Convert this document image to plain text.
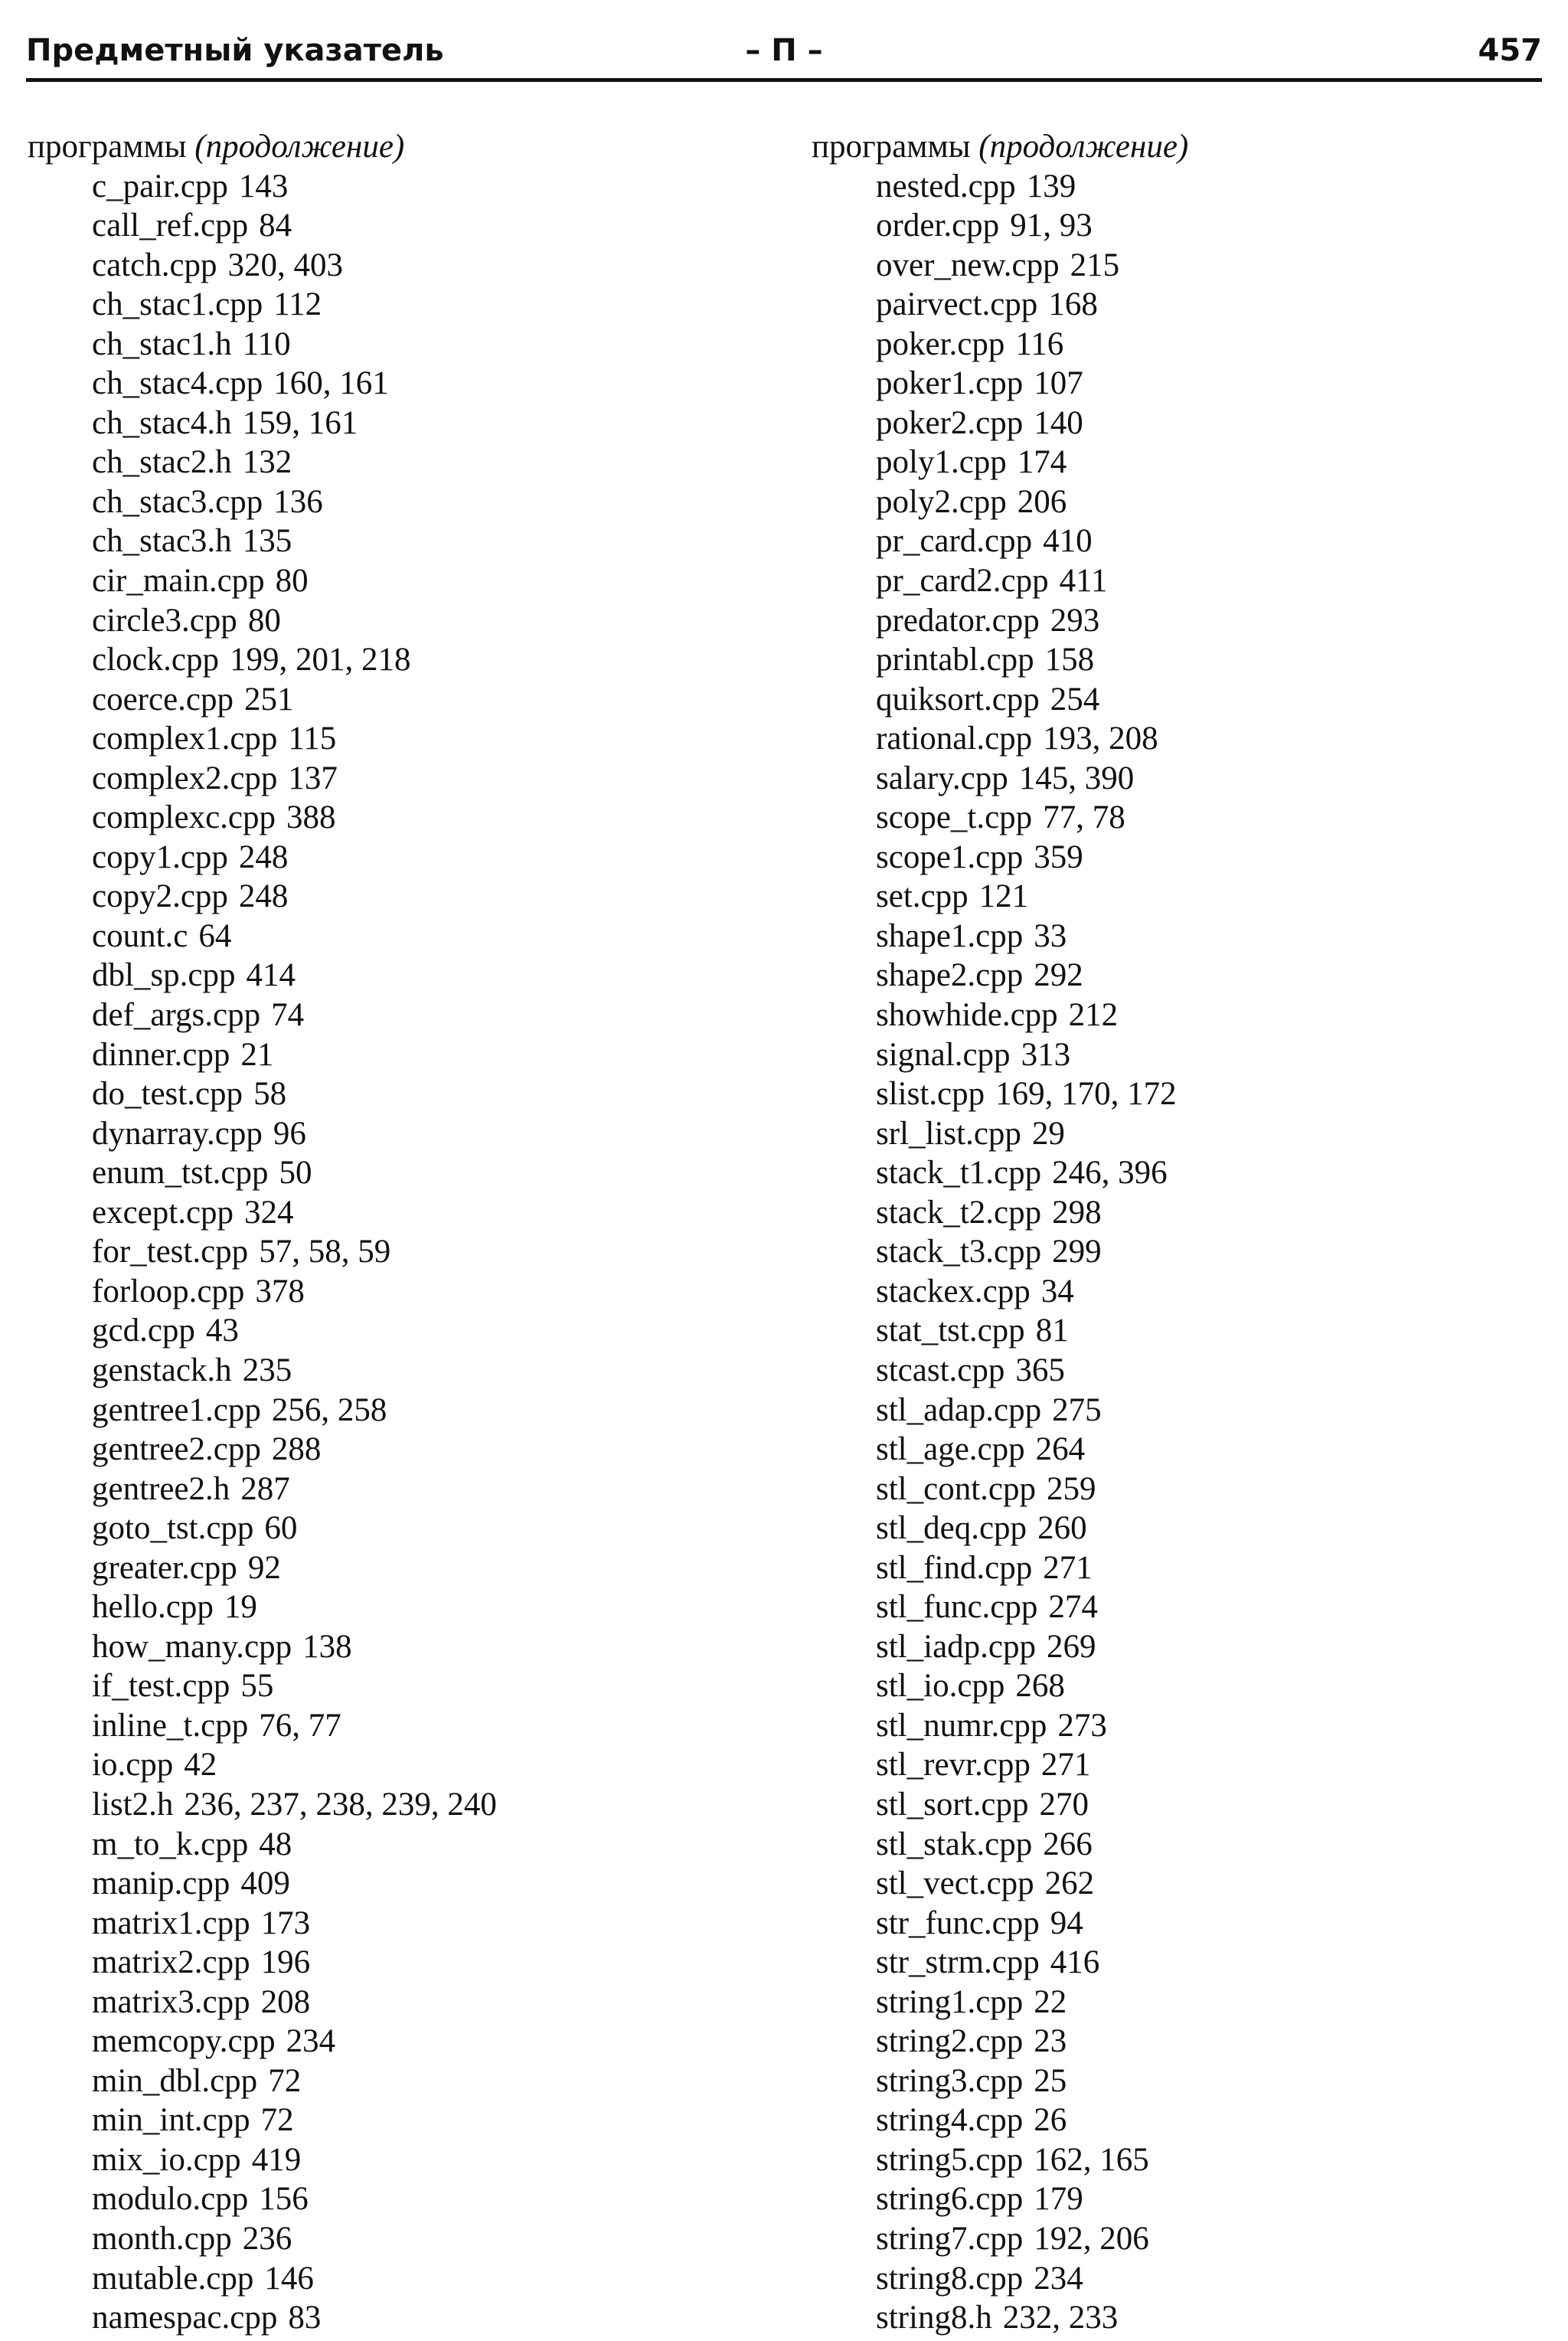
Предметный указатель	– П –	457
программы (продолжение)
c_pair.cpp 143
call_ref.cpp 84
catch.cpp 320, 403
ch_stac1.cpp 112
ch_stac1.h 110
ch_stac4.cpp 160, 161
ch_stac4.h 159, 161
ch_stac2.h 132
ch_stac3.cpp 136
ch_stac3.h 135
cir_main.cpp 80
circle3.cpp 80
clock.cpp 199, 201, 218
coerce.cpp 251
complex1.cpp 115
complex2.cpp 137
complexc.cpp 388
copy1.cpp 248
copy2.cpp 248
count.c 64
dbl_sp.cpp 414
def_args.cpp 74
dinner.cpp 21
do_test.cpp 58
dynarray.cpp 96
enum_tst.cpp 50
except.cpp 324
for_test.cpp 57, 58, 59
forloop.cpp 378
gcd.cpp 43
genstack.h 235
gentree1.cpp 256, 258
gentree2.cpp 288
gentree2.h 287
goto_tst.cpp 60
greater.cpp 92
hello.cpp 19
how_many.cpp 138
if_test.cpp 55
inline_t.cpp 76, 77
io.cpp 42
list2.h 236, 237, 238, 239, 240
m_to_k.cpp 48
manip.cpp 409
matrix1.cpp 173
matrix2.cpp 196
matrix3.cpp 208
memcopy.cpp 234
min_dbl.cpp 72
min_int.cpp 72
mix_io.cpp 419
modulo.cpp 156
month.cpp 236
mutable.cpp 146
namespac.cpp 83
программы (продолжение)
nested.cpp 139
order.cpp 91, 93
over_new.cpp 215
pairvect.cpp 168
poker.cpp 116
poker1.cpp 107
poker2.cpp 140
poly1.cpp 174
poly2.cpp 206
pr_card.cpp 410
pr_card2.cpp 411
predator.cpp 293
printabl.cpp 158
quiksort.cpp 254
rational.cpp 193, 208
salary.cpp 145, 390
scope_t.cpp 77, 78
scope1.cpp 359
set.cpp 121
shape1.cpp 33
shape2.cpp 292
showhide.cpp 212
signal.cpp 313
slist.cpp 169, 170, 172
srl_list.cpp 29
stack_t1.cpp 246, 396
stack_t2.cpp 298
stack_t3.cpp 299
stackex.cpp 34
stat_tst.cpp 81
stcast.cpp 365
stl_adap.cpp 275
stl_age.cpp 264
stl_cont.cpp 259
stl_deq.cpp 260
stl_find.cpp 271
stl_func.cpp 274
stl_iadp.cpp 269
stl_io.cpp 268
stl_numr.cpp 273
stl_revr.cpp 271
stl_sort.cpp 270
stl_stak.cpp 266
stl_vect.cpp 262
str_func.cpp 94
str_strm.cpp 416
string1.cpp 22
string2.cpp 23
string3.cpp 25
string4.cpp 26
string5.cpp 162, 165
string6.cpp 179
string7.cpp 192, 206
string8.cpp 234
string8.h 232, 233
